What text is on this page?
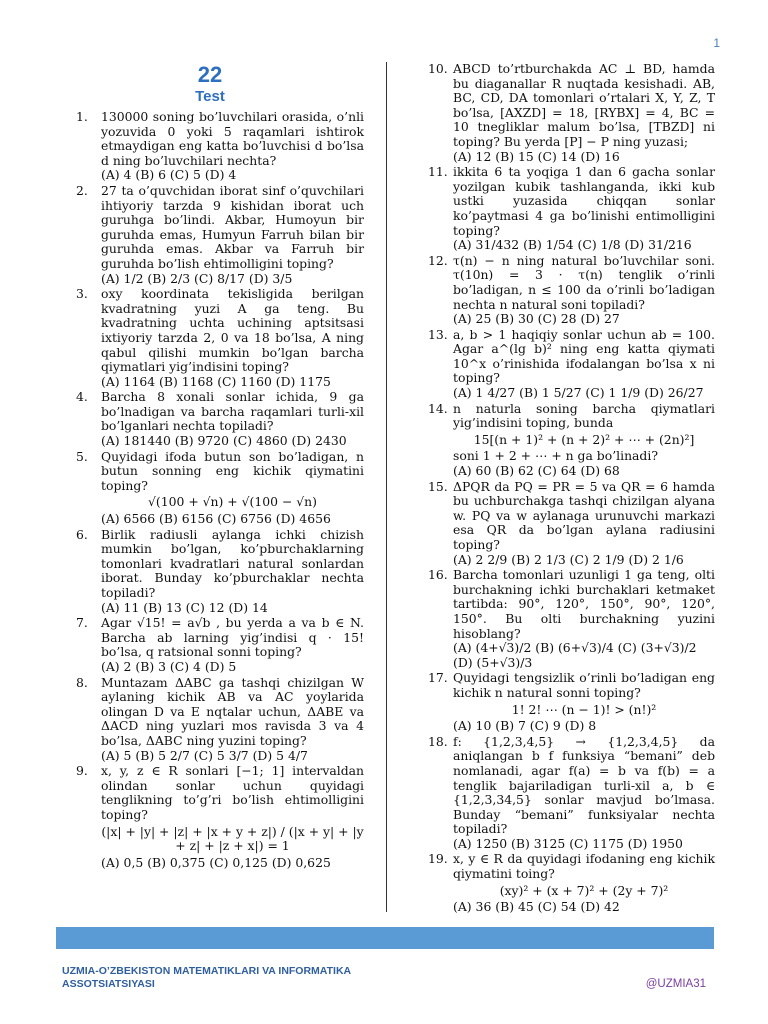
1
22
Test
1. 130000 soning bo’luvchilari orasida, o’nli yozuvida 0 yoki 5 raqamlari ishtirok etmaydigan eng katta bo’luvchisi d bo’lsa d ning bo’luvchilari nechta?
(A) 4 (B) 6 (C) 5 (D) 4
2. 27 ta o’quvchidan iborat sinf o’quvchilari ihtiyoriy tarzda 9 kishidan iborat uch guruhga bo’lindi. Akbar, Humoyun bir guruhda emas, Humyun Farruh bilan bir guruhda emas. Akbar va Farruh bir guruhda bo’lish ehtimolligini toping?
(A) 1/2 (B) 2/3 (C) 8/17 (D) 3/5
3. oxy koordinata tekisligida berilgan kvadratning yuzi A ga teng. Bu kvadratning uchta uchining aptsitsasi ixtiyoriy tarzda 2, 0 va 18 bo’lsa, A ning qabul qilishi mumkin bo’lgan barcha qiymatlari yig’indisini toping?
(A) 1164 (B) 1168 (C) 1160 (D) 1175
4. Barcha 8 xonali sonlar ichida, 9 ga bo’lnadigan va barcha raqamlari turli-xil bo’lganlari nechta topiladi?
(A) 181440 (B) 9720 (C) 4860 (D) 2430
5. Quyidagi ifoda butun son bo’ladigan, n butun sonning eng kichik qiymatini toping?
√(100 + √n) + √(100 − √n)
(A) 6566 (B) 6156 (C) 6756 (D) 4656
6. Birlik radiusli aylanga ichki chizish mumkin bo’lgan, ko’pburchaklarning tomonlari kvadratlari natural sonlardan iborat. Bunday ko’pburchaklar nechta topiladi?
(A) 11 (B) 13 (C) 12 (D) 14
7. Agar √15! = a√b , bu yerda a va b ∈ N. Barcha ab larning yig’indisi q · 15! bo’lsa, q ratsional sonni toping?
(A) 2 (B) 3 (C) 4 (D) 5
8. Muntazam ΔABC ga tashqi chizilgan W aylaning kichik AB va AC yoylarida olingan D va E nqtalar uchun, ΔABE va ΔACD ning yuzlari mos ravisda 3 va 4 bo’lsa, ΔABC ning yuzini toping?
(A) 5 (B) 5 2/7 (C) 5 3/7 (D) 5 4/7
9. x, y, z ∈ R sonlari [−1; 1] intervaldan olindan sonlar uchun quyidagi tenglikning to’g’ri bo’lish ehtimolligini toping?
(|x| + |y| + |z| + |x + y + z|) / (|x + y| + |y + z| + |z + x|) = 1
(A) 0,5 (B) 0,375 (C) 0,125 (D) 0,625
10. ABCD to’rtburchakda AC ⊥ BD, hamda bu diaganallar R nuqtada kesishadi. AB, BC, CD, DA tomonlari o’rtalari X, Y, Z, T bo’lsa, [AXZD] = 18, [RYBX] = 4, BC = 10 tnegliklar malum bo’lsa, [TBZD] ni toping? Bu yerda [P] − P ning yuzasi;
(A) 12 (B) 15 (C) 14 (D) 16
11. ikkita 6 ta yoqiga 1 dan 6 gacha sonlar yozilgan kubik tashlanganda, ikki kub ustki yuzasida chiqqan sonlar ko’paytmasi 4 ga bo’linishi entimolligini toping?
(A) 31/432 (B) 1/54 (C) 1/8 (D) 31/216
12. τ(n) − n ning natural bo’luvchilar soni. τ(10n) = 3 · τ(n) tenglik o’rinli bo’ladigan, n ≤ 100 da o’rinli bo’ladigan nechta n natural soni topiladi?
(A) 25 (B) 30 (C) 28 (D) 27
13. a, b > 1 haqiqiy sonlar uchun ab = 100. Agar a^(lg b)² ning eng katta qiymati 10^x o’rinishida ifodalangan bo’lsa x ni toping?
(A) 1 4/27 (B) 1 5/27 (C) 1 1/9 (D) 26/27
14. n naturla soning barcha qiymatlari yig’indisini toping, bunda
15[(n + 1)² + (n + 2)² + ⋯ + (2n)²]
soni 1 + 2 + ⋯ + n ga bo’linadi?
(A) 60 (B) 62 (C) 64 (D) 68
15. ΔPQR da PQ = PR = 5 va QR = 6 hamda bu uchburchakga tashqi chizilgan alyana w. PQ va w aylanaga urunuvchi markazi esa QR da bo’lgan aylana radiusini toping?
(A) 2 2/9 (B) 2 1/3 (C) 2 1/9 (D) 2 1/6
16. Barcha tomonlari uzunligi 1 ga teng, olti burchakning ichki burchaklari ketmaket tartibda: 90°, 120°, 150°, 90°, 120°, 150°. Bu olti burchakning yuzini hisoblang?
(A) (4+√3)/2 (B) (6+√3)/4 (C) (3+√3)/2 (D) (5+√3)/3
17. Quyidagi tengsizlik o’rinli bo’ladigan eng kichik n natural sonni toping?
1! 2! ⋯ (n − 1)! > (n!)²
(A) 10 (B) 7 (C) 9 (D) 8
18. f: {1,2,3,4,5} → {1,2,3,4,5} da aniqlangan b f funksiya “bemani” deb nomlanadi, agar f(a) = b va f(b) = a tenglik bajariladigan turli-xil a, b ∈ {1,2,3,34,5} sonlar mavjud bo’lmasa. Bunday “bemani” funksiyalar nechta topiladi?
(A) 1250 (B) 3125 (C) 1175 (D) 1950
19. x, y ∈ R da quyidagi ifodaning eng kichik qiymatini toing?
(xy)² + (x + 7)² + (2y + 7)²
(A) 36 (B) 45 (C) 54 (D) 42
UZMIA-O’ZBEKISTON MATEMATIKLARI VA INFORMATIKA ASSOTSIATSIYASI	@UZMIA31
